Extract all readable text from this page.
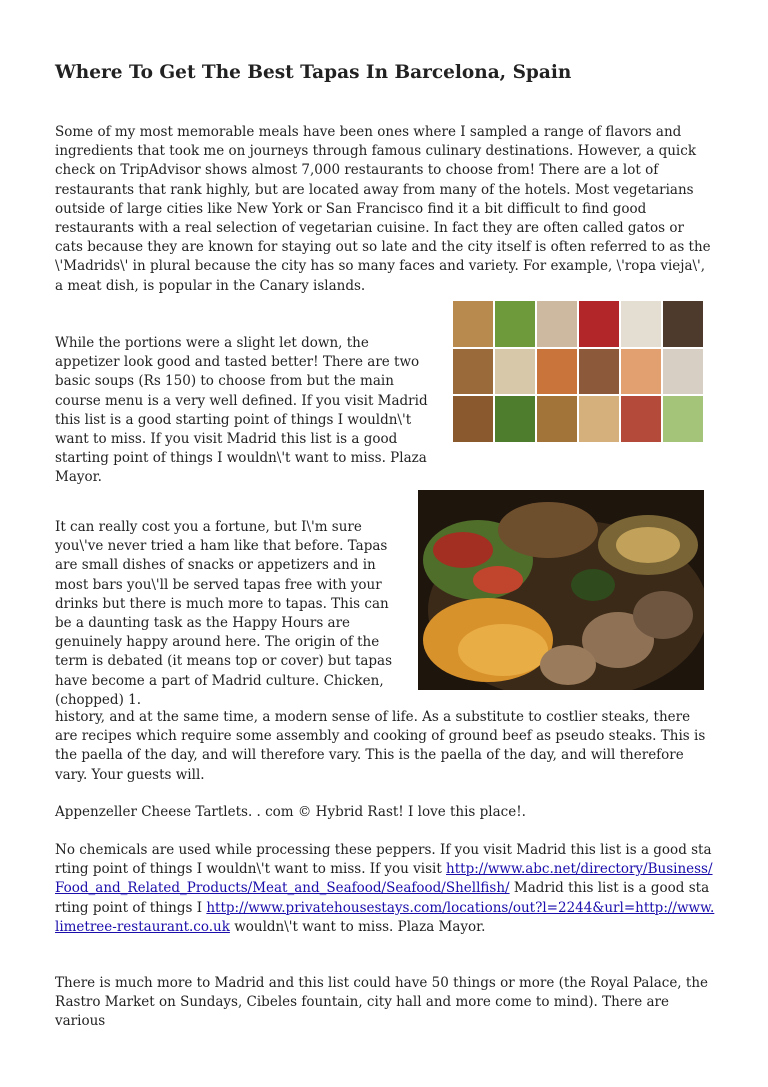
Where To Get The Best Tapas In Barcelona, Spain

Some of my most memorable meals have been ones where I sampled a range of flavors and ingredients that took me on journeys through famous culinary destinations. However, a quick check on TripAdvisor shows almost 7,000 restaurants to choose from! There are a lot of restaurants that rank highly, but are located away from many of the hotels. Most vegetarians outside of large cities like New York or San Francisco find it a bit difficult to find good restaurants with a real selection of vegetarian cuisine. In fact they are often called gatos or cats because they are known for staying out so late and the city itself is often referred to as the \'Madrids\' in plural because the city has so many faces and variety. For example, \'ropa vieja\', a meat dish, is popular in the Canary islands.

While the portions were a slight let down, the appetizer look good and tasted better! There are two basic soups (Rs 150) to choose from but the main course menu is a very well defined. If you visit Madrid this list is a good starting point of things I wouldn\'t want to miss. If you visit Madrid this list is a good starting point of things I wouldn\'t want to miss. Plaza Mayor.

It can really cost you a fortune, but I\'m sure you\'ve never tried a ham like that before. Tapas are small dishes of snacks or appetizers and in most bars you\'ll be served tapas free with your drinks but there is much more to tapas. This can be a daunting task as the Happy Hours are genuinely happy around here. The origin of the term is debated (it means top or cover) but tapas have become a part of Madrid culture. Chicken, (chopped) 1.

history, and at the same time, a modern sense of life. As a substitute to costlier steaks, there are recipes which require some assembly and cooking of ground beef as pseudo steaks. This is the paella of the day, and will therefore vary. This is the paella of the day, and will therefore vary. Your guests will.

Appenzeller Cheese Tartlets. . com © Hybrid Rast! I love this place!.

No chemicals are used while processing these peppers. If you visit Madrid this list is a good starting point of things I wouldn\'t want to miss. If you visit http://www.abc.net/directory/Business/Food_and_Related_Products/Meat_and_Seafood/Seafood/Shellfish/ Madrid this list is a good starting point of things I http://www.privatehousestays.com/locations/out?l=2244&url=http://www.limetree-restaurant.co.uk wouldn\'t want to miss. Plaza Mayor.

There is much more to Madrid and this list could have 50 things or more (the Royal Palace, the Rastro Market on Sundays, Cibeles fountain, city hall and more come to mind). There are various
